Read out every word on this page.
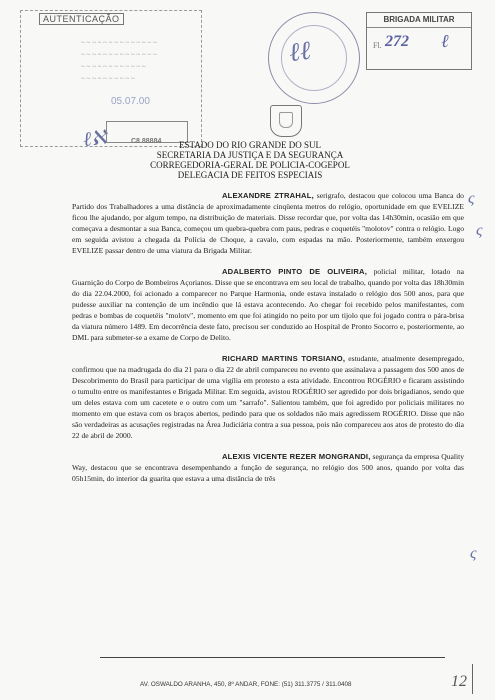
AUTENTICAÇÃO
~ ~ ~ ~ ~ ~ ~ ~ ~ ~ ~ ~ ~ ~
~ ~ ~ ~ ~ ~ ~ ~ ~ ~ ~ ~ ~ ~
~ ~ ~ ~ ~ ~ ~ ~ ~ ~ ~ ~
~ ~ ~ ~ ~ ~ ~ ~ ~ ~
05.07.00
ℓℵ	C8 88884
ℓℓ
BRIGADA MILITAR
Fl. 272 ℓ
ESTADO DO RIO GRANDE DO SUL
SECRETARIA DA JUSTIÇA E DA SEGURANÇA
CORREGEDORIA-GERAL DE POLICIA-COGEPOL
DELEGACIA DE FEITOS ESPECIAIS

ALEXANDRE ZTRAHAL, serigrafo, destacou que colocou uma Banca do Partido dos Trabalhadores a uma distância de aproximadamente cinqüenta metros do relógio, oportunidade em que EVELIZE ficou lhe ajudando, por algum tempo, na distribuição de materiais. Disse recordar que, por volta das 14h30min, ocasião em que começava a desmontar a sua Banca, começou um quebra-quebra com paus, pedras e coquetéis "molotov" contra o relógio. Logo em seguida avistou a chegada da Polícia de Choque, a cavalo, com espadas na mão. Posteriormente, também enxergou EVELIZE passar dentro de uma viatura da Brigada Militar.

ADALBERTO PINTO DE OLIVEIRA, policial militar, lotado na Guarnição do Corpo de Bombeiros Açorianos. Disse que se encontrava em seu local de trabalho, quando por volta das 18h30min do dia 22.04.2000, foi acionado a comparecer no Parque Harmonia, onde estava instalado o relógio dos 500 anos, para que pudesse auxiliar na contenção de um incêndio que lá estava acontecendo. Ao chegar foi recebido pelos manifestantes, com pedras e bombas de coquetéis "molotv", momento em que foi atingido no peito por um tijolo que foi jogado contra o pára-brisa da viatura número 1489. Em decorrência deste fato, precisou ser conduzido ao Hospital de Pronto Socorro e, posteriormente, ao DML para submeter-se a exame de Corpo de Delito.

RICHARD MARTINS TORSIANO, estudante, atualmente desempregado, confirmou que na madrugada do dia 21 para o dia 22 de abril compareceu no evento que assinalava a passagem dos 500 anos de Descobrimento do Brasil para participar de uma vigília em protesto a esta atividade. Encontrou ROGÉRIO e ficaram assistindo o tumulto entre os manifestantes e Brigada Militar. Em seguida, avistou ROGÉRIO ser agredido por dois brigadianos, sendo que um deles estava com um cacetete e o outro com um "sarrafo". Salientou também, que foi agredido por policiais militares no momento em que estava com os braços abertos, pedindo para que os soldados não mais agredissem ROGÉRIO. Disse que não são verdadeiras as acusações registradas na Área Judiciária contra a sua pessoa, pois não compareceu aos atos de protesto do dia 22 de abril de 2000.

ALEXIS VICENTE REZER MONGRANDI, segurança da empresa Quality Way, destacou que se encontrava desempenhando a função de segurança, no relógio dos 500 anos, quando por volta das 05h15min, do interior da guarita que estava a uma distância de três

ς
ς
ς
AV. OSWALDO ARANHA, 450, 8º ANDAR, FONE: (51) 311.3775 / 311.0408	12
